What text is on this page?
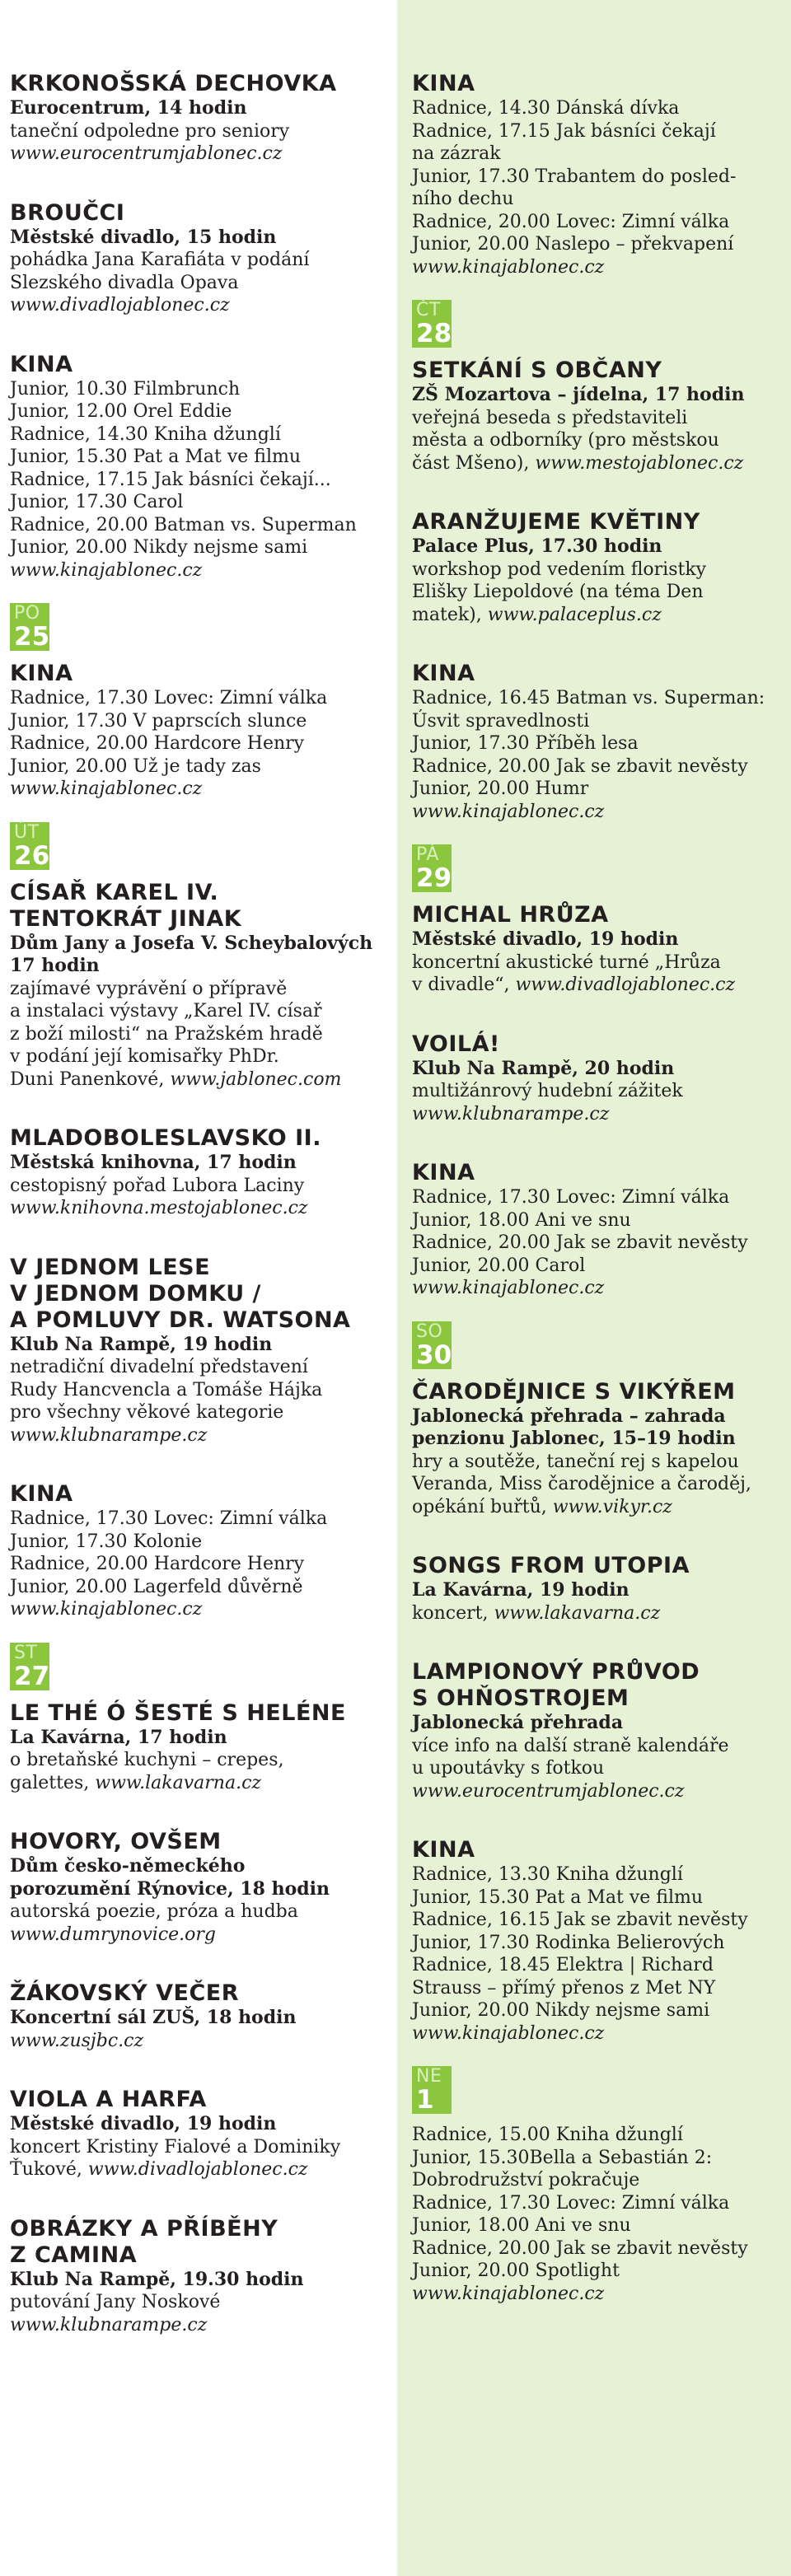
KRKONOŠSKÁ DECHOVKA

Eurocentrum, 14 hodin

taneční odpoledne pro seniory

www.eurocentrumjablonec.cz

BROUČCI

Městské divadlo, 15 hodin

pohádka Jana Karafiáta v podání

Slezského divadla Opava

www.divadlojablonec.cz

KINA

Junior, 10.30 Filmbrunch

Junior, 12.00 Orel Eddie

Radnice, 14.30 Kniha džunglí

Junior, 15.30 Pat a Mat ve filmu

Radnice, 17.15 Jak básníci čekají...

Junior, 17.30 Carol

Radnice, 20.00 Batman vs. Superman

Junior, 20.00 Nikdy nejsme sami

www.kinajablonec.cz

PO
25
KINA

Radnice, 17.30 Lovec: Zimní válka

Junior, 17.30 V paprscích slunce

Radnice, 20.00 Hardcore Henry

Junior, 20.00 Už je tady zas

www.kinajablonec.cz

ÚT
26
CÍSAŘ KAREL IV.
TENTOKRÁT JINAK

Dům Jany a Josefa V. Scheybalových

17 hodin

zajímavé vyprávění o přípravě

a instalaci výstavy „Karel IV. císař

z boží milosti“ na Pražském hradě

v podání její komisařky PhDr.

Duni Panenkové, www.jablonec.com

MLADOBOLESLAVSKO II.

Městská knihovna, 17 hodin

cestopisný pořad Lubora Laciny

www.knihovna.mestojablonec.cz

V JEDNOM LESE
V JEDNOM DOMKU /
A POMLUVY DR. WATSONA

Klub Na Rampě, 19 hodin

netradiční divadelní představení

Rudy Hancvencla a Tomáše Hájka

pro všechny věkové kategorie

www.klubnarampe.cz

KINA

Radnice, 17.30 Lovec: Zimní válka

Junior, 17.30 Kolonie

Radnice, 20.00 Hardcore Henry

Junior, 20.00 Lagerfeld důvěrně

www.kinajablonec.cz

ST
27
LE THÉ Ó ŠESTÉ S HELÉNE

La Kavárna, 17 hodin

o bretaňské kuchyni – crepes,

galettes, www.lakavarna.cz

HOVORY, OVŠEM

Dům česko-německého

porozumění Rýnovice, 18 hodin

autorská poezie, próza a hudba

www.dumrynovice.org

ŽÁKOVSKÝ VEČER

Koncertní sál ZUŠ, 18 hodin

www.zusjbc.cz

VIOLA A HARFA

Městské divadlo, 19 hodin

koncert Kristiny Fialové a Dominiky

Ťukové, www.divadlojablonec.cz

OBRÁZKY A PŘÍBĚHY
Z CAMINA

Klub Na Rampě, 19.30 hodin

putování Jany Noskové

www.klubnarampe.cz

KINA

Radnice, 14.30 Dánská dívka

Radnice, 17.15 Jak básníci čekají

na zázrak

Junior, 17.30 Trabantem do posled-

ního dechu

Radnice, 20.00 Lovec: Zimní válka

Junior, 20.00 Naslepo – překvapení

www.kinajablonec.cz

ČT
28
SETKÁNÍ S OBČANY

ZŠ Mozartova – jídelna, 17 hodin

veřejná beseda s představiteli

města a odborníky (pro městskou

část Mšeno), www.mestojablonec.cz

ARANŽUJEME KVĚTINY

Palace Plus, 17.30 hodin

workshop pod vedením floristky

Elišky Liepoldové (na téma Den

matek), www.palaceplus.cz

KINA

Radnice, 16.45 Batman vs. Superman:

Úsvit spravedlnosti

Junior, 17.30 Příběh lesa

Radnice, 20.00 Jak se zbavit nevěsty

Junior, 20.00 Humr

www.kinajablonec.cz

PÁ
29
MICHAL HRŮZA

Městské divadlo, 19 hodin

koncertní akustické turné „Hrůza

v divadle“, www.divadlojablonec.cz

VOILÁ!

Klub Na Rampě, 20 hodin

multižánrový hudební zážitek

www.klubnarampe.cz

KINA

Radnice, 17.30 Lovec: Zimní válka

Junior, 18.00 Ani ve snu

Radnice, 20.00 Jak se zbavit nevěsty

Junior, 20.00 Carol

www.kinajablonec.cz

SO
30
ČARODĚJNICE S VIKÝŘEM

Jablonecká přehrada – zahrada

penzionu Jablonec, 15–19 hodin

hry a soutěže, taneční rej s kapelou

Veranda, Miss čarodějnice a čaroděj,

opékání buřtů, www.vikyr.cz

SONGS FROM UTOPIA

La Kavárna, 19 hodin

koncert, www.lakavarna.cz

LAMPIONOVÝ PRŮVOD
S OHŇOSTROJEM

Jablonecká přehrada

více info na další straně kalendáře

u upoutávky s fotkou

www.eurocentrumjablonec.cz

KINA

Radnice, 13.30 Kniha džunglí

Junior, 15.30 Pat a Mat ve filmu

Radnice, 16.15 Jak se zbavit nevěsty

Junior, 17.30 Rodinka Belierových

Radnice, 18.45 Elektra | Richard

Strauss – přímý přenos z Met NY

Junior, 20.00 Nikdy nejsme sami

www.kinajablonec.cz

NE
1

Radnice, 15.00 Kniha džunglí

Junior, 15.30Bella a Sebastián 2:

Dobrodružství pokračuje

Radnice, 17.30 Lovec: Zimní válka

Junior, 18.00 Ani ve snu

Radnice, 20.00 Jak se zbavit nevěsty

Junior, 20.00 Spotlight

www.kinajablonec.cz
